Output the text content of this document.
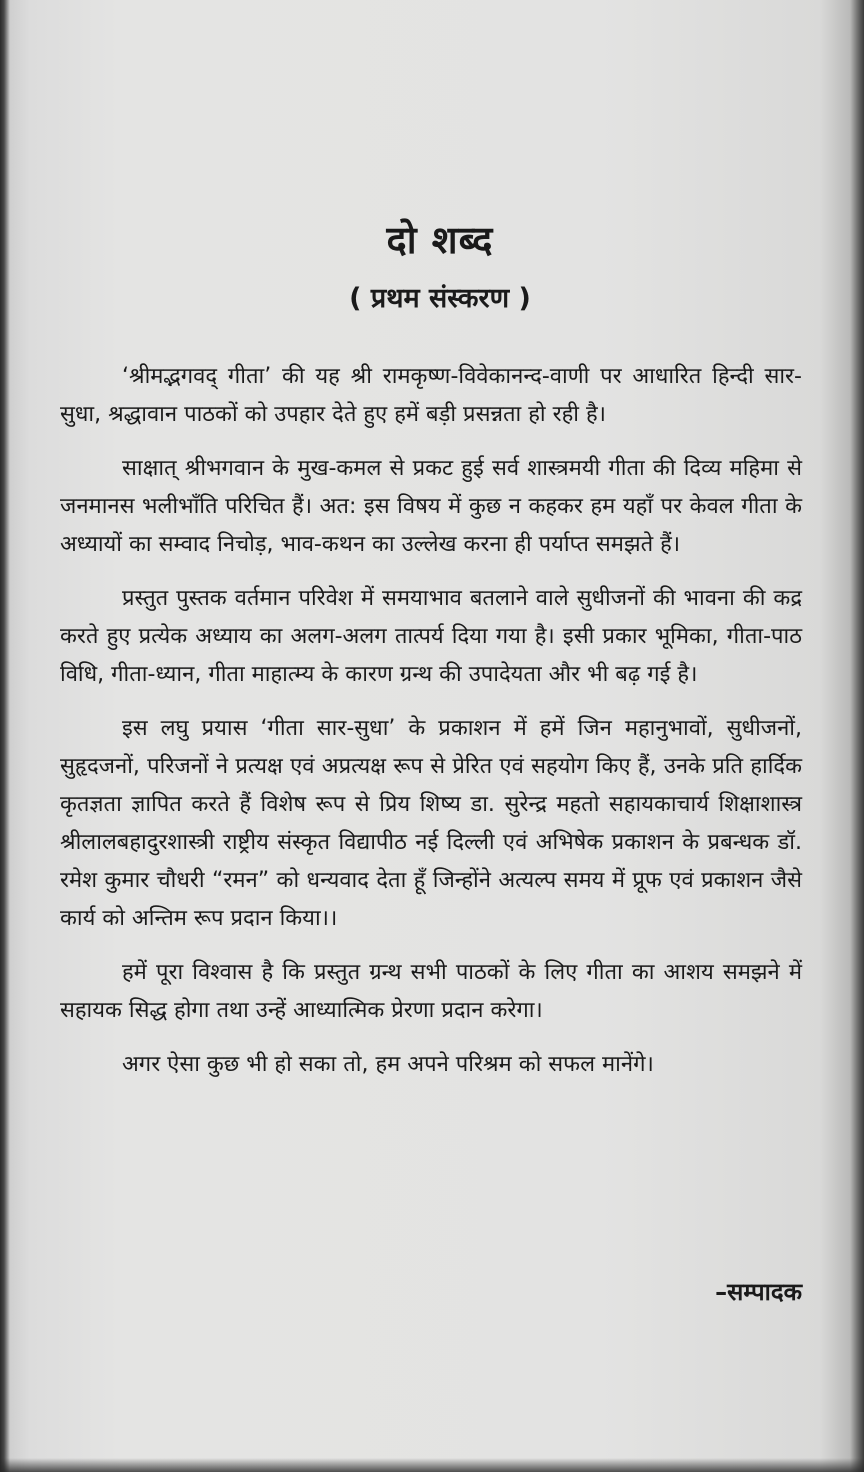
दो शब्द
( प्रथम संस्करण )

‘श्रीमद्भगवद् गीता’ की यह श्री रामकृष्ण-विवेकानन्द-वाणी पर आधारित हिन्दी सार-सुधा, श्रद्धावान पाठकों को उपहार देते हुए हमें बड़ी प्रसन्नता हो रही है।

साक्षात् श्रीभगवान के मुख-कमल से प्रकट हुई सर्व शास्त्रमयी गीता की दिव्य महिमा से जनमानस भलीभाँति परिचित हैं। अत: इस विषय में कुछ न कहकर हम यहाँ पर केवल गीता के अध्यायों का सम्वाद निचोड़, भाव-कथन का उल्लेख करना ही पर्याप्त समझते हैं।

प्रस्तुत पुस्तक वर्तमान परिवेश में समयाभाव बतलाने वाले सुधीजनों की भावना की कद्र करते हुए प्रत्येक अध्याय का अलग-अलग तात्पर्य दिया गया है। इसी प्रकार भूमिका, गीता-पाठ विधि, गीता-ध्यान, गीता माहात्म्य के कारण ग्रन्थ की उपादेयता और भी बढ़ गई है।

इस लघु प्रयास ‘गीता सार-सुधा’ के प्रकाशन में हमें जिन महानुभावों, सुधीजनों, सुहृदजनों, परिजनों ने प्रत्यक्ष एवं अप्रत्यक्ष रूप से प्रेरित एवं सहयोग किए हैं, उनके प्रति हार्दिक कृतज्ञता ज्ञापित करते हैं विशेष रूप से प्रिय शिष्य डा. सुरेन्द्र महतो सहायकाचार्य शिक्षाशास्त्र श्रीलालबहादुरशास्त्री राष्ट्रीय संस्कृत विद्यापीठ नई दिल्ली एवं अभिषेक प्रकाशन के प्रबन्धक डॉ. रमेश कुमार चौधरी “रमन” को धन्यवाद देता हूँ जिन्होंने अत्यल्प समय में प्रूफ एवं प्रकाशन जैसे कार्य को अन्तिम रूप प्रदान किया।।

हमें पूरा विश्वास है कि प्रस्तुत ग्रन्थ सभी पाठकों के लिए गीता का आशय समझने में सहायक सिद्ध होगा तथा उन्हें आध्यात्मिक प्रेरणा प्रदान करेगा।

अगर ऐसा कुछ भी हो सका तो, हम अपने परिश्रम को सफल मानेंगे।

–सम्पादक
